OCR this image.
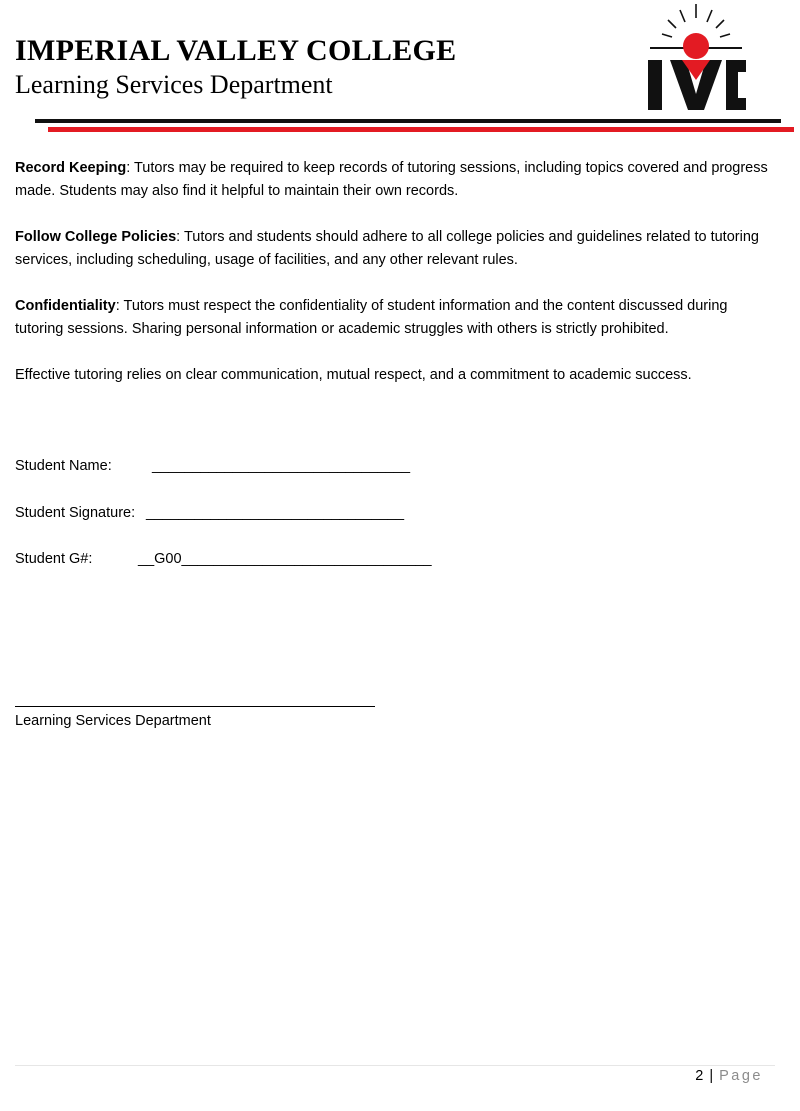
IMPERIAL VALLEY COLLEGE
Learning Services Department

Record Keeping: Tutors may be required to keep records of tutoring sessions, including topics covered and progress made. Students may also find it helpful to maintain their own records.

Follow College Policies: Tutors and students should adhere to all college policies and guidelines related to tutoring services, including scheduling, usage of facilities, and any other relevant rules.

Confidentiality: Tutors must respect the confidentiality of student information and the content discussed during tutoring sessions. Sharing personal information or academic struggles with others is strictly prohibited.

Effective tutoring relies on clear communication, mutual respect, and a commitment to academic success.

Student Name:	________________________________
Student Signature: ________________________________
Student G#:	__G00_______________________________
Learning Services Department
2 | Page
